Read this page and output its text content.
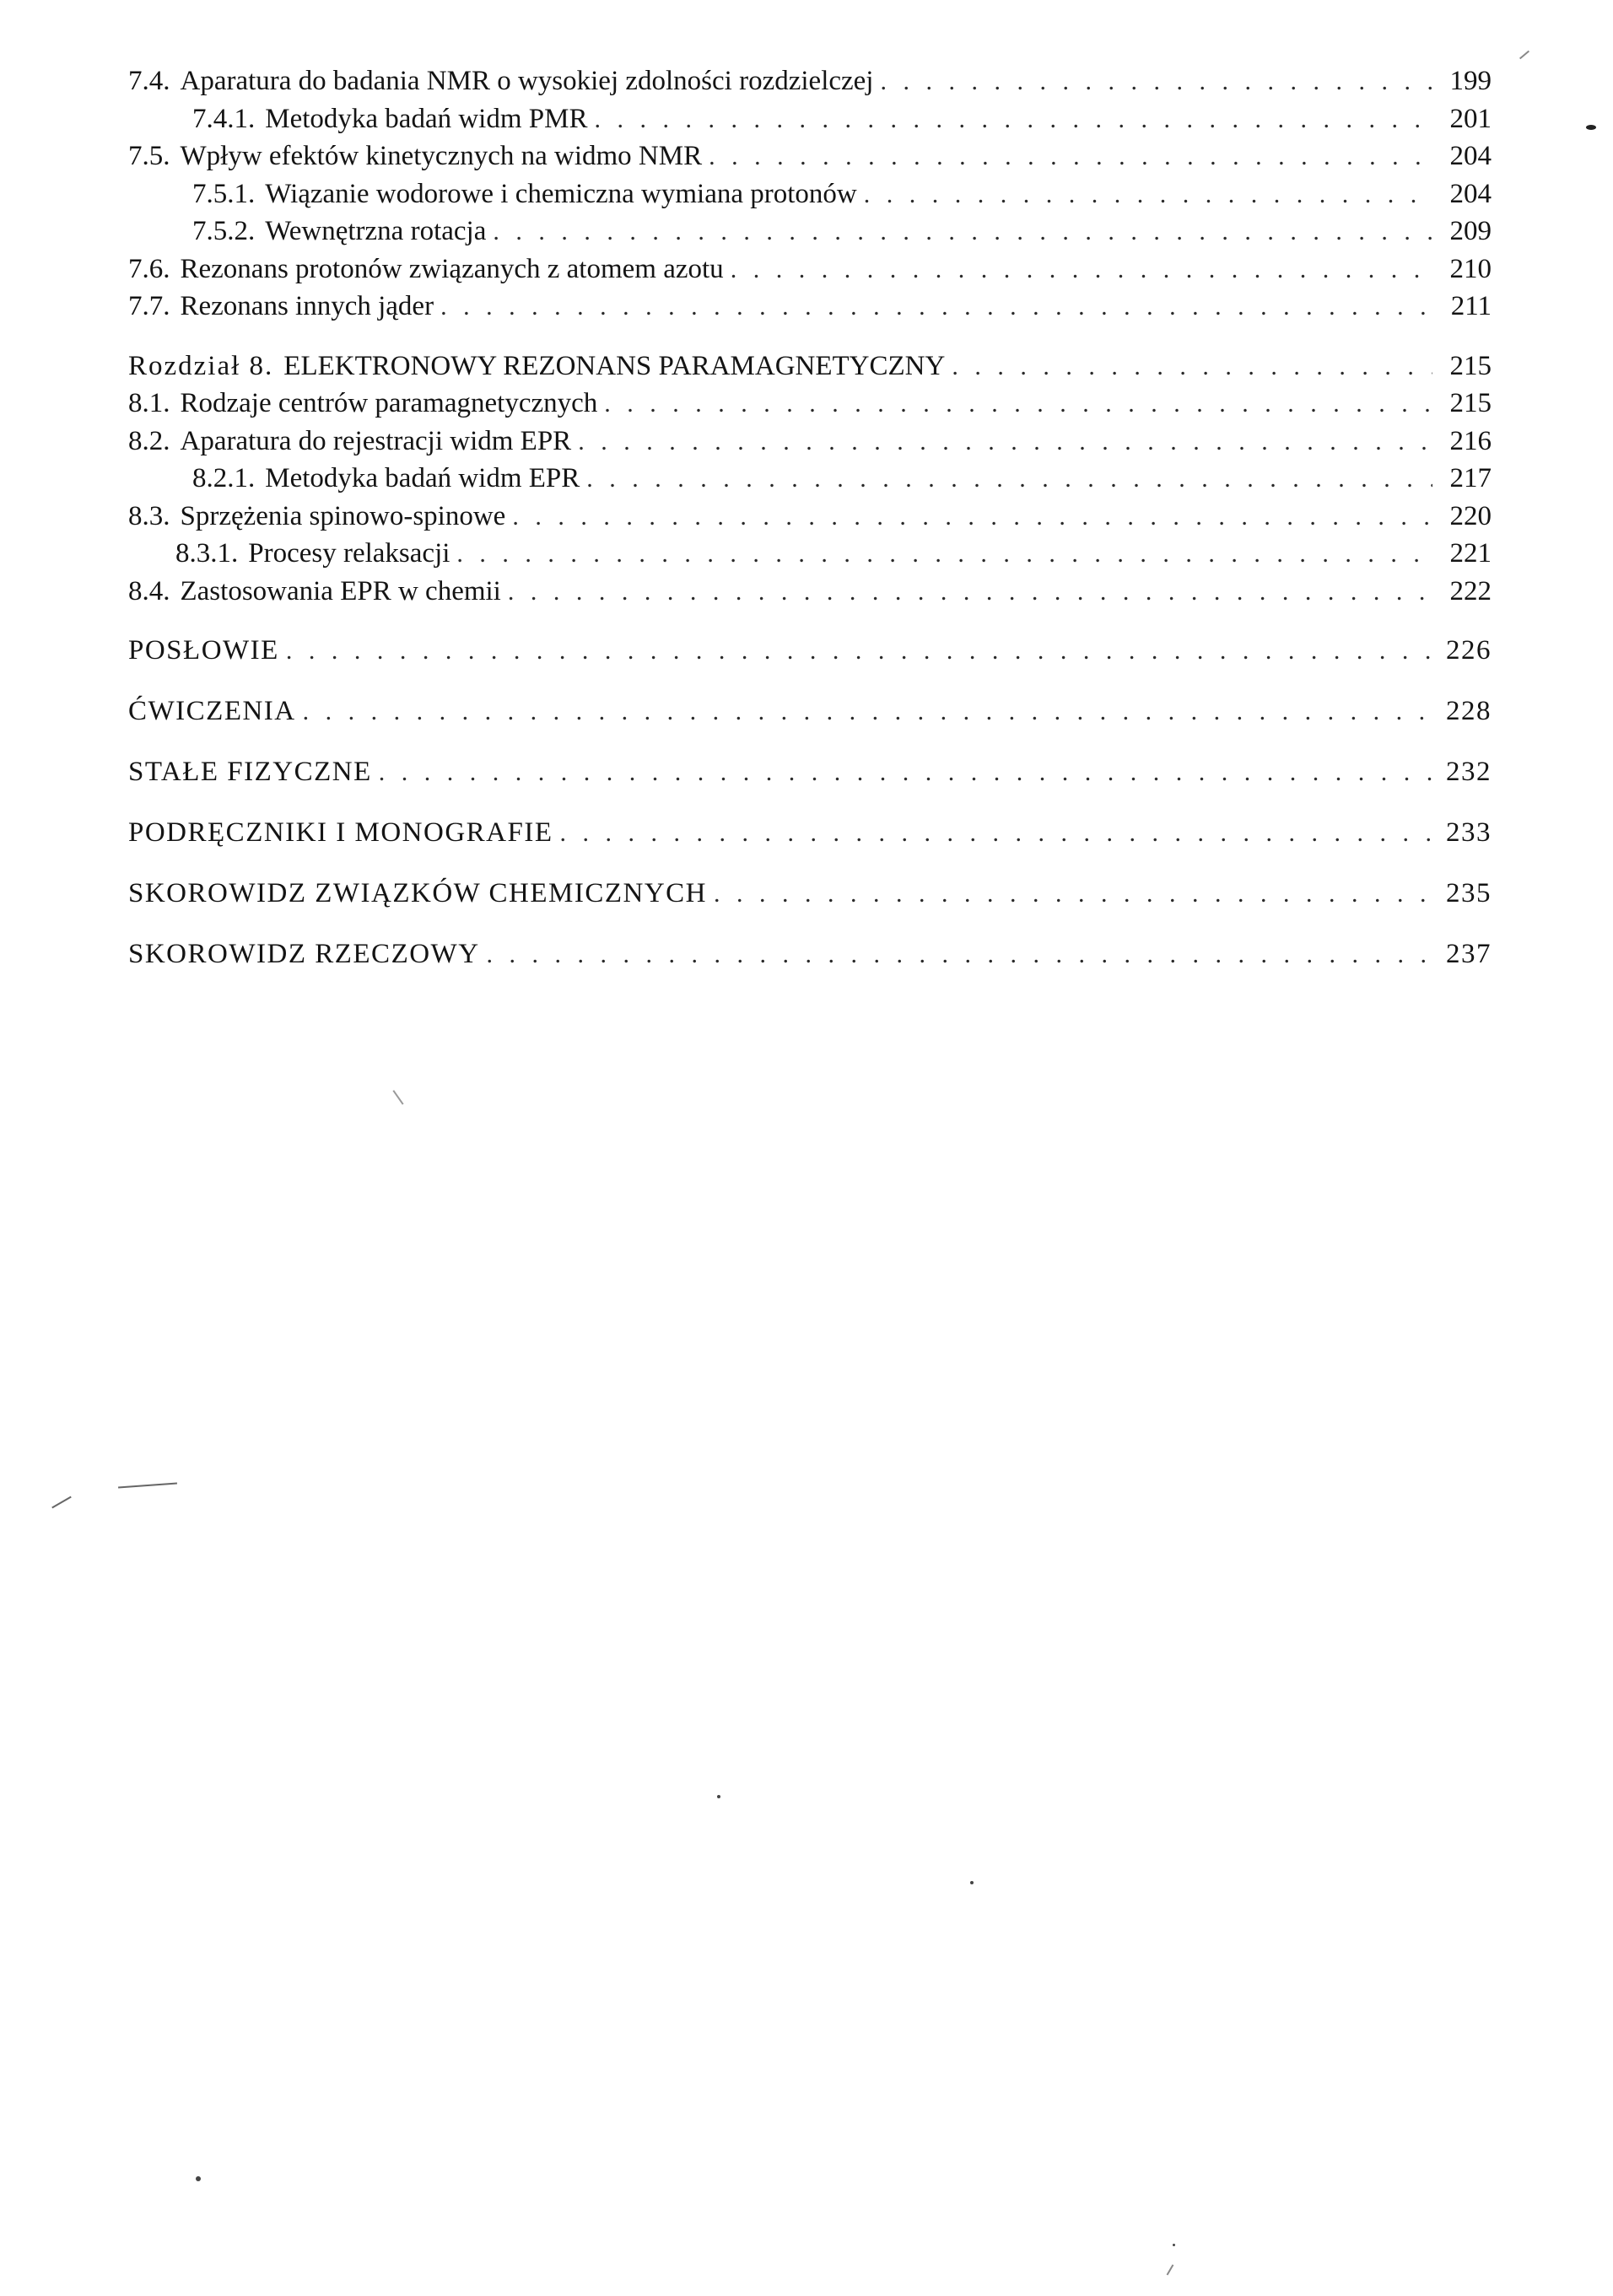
7.4. Aparatura do badania NMR o wysokiej zdolności rozdzielczej . . .	199
7.4.1. Metodyka badań widm PMR . . .	201
7.5. Wpływ efektów kinetycznych na widmo NMR . . .	204
7.5.1. Wiązanie wodorowe i chemiczna wymiana protonów . . .	204
7.5.2. Wewnętrzna rotacja . . .	209
7.6. Rezonans protonów związanych z atomem azotu . . .	210
7.7. Rezonans innych jąder . . .	211
Rozdział 8. ELEKTRONOWY REZONANS PARAMAGNETYCZNY . . .	215
8.1. Rodzaje centrów paramagnetycznych . . .	215
8.2. Aparatura do rejestracji widm EPR . . .	216
8.2.1. Metodyka badań widm EPR . . .	217
8.3. Sprzężenia spinowo-spinowe . . .	220
8.3.1. Procesy relaksacji . . .	221
8.4. Zastosowania EPR w chemii . . .	222
POSŁOWIE . . .	226
ĆWICZENIA . . .	228
STAŁE FIZYCZNE . . .	232
PODRĘCZNIKI I MONOGRAFIE . . .	233
SKOROWIDZ ZWIĄZKÓW CHEMICZNYCH . . .	235
SKOROWIDZ RZECZOWY . . .	237
